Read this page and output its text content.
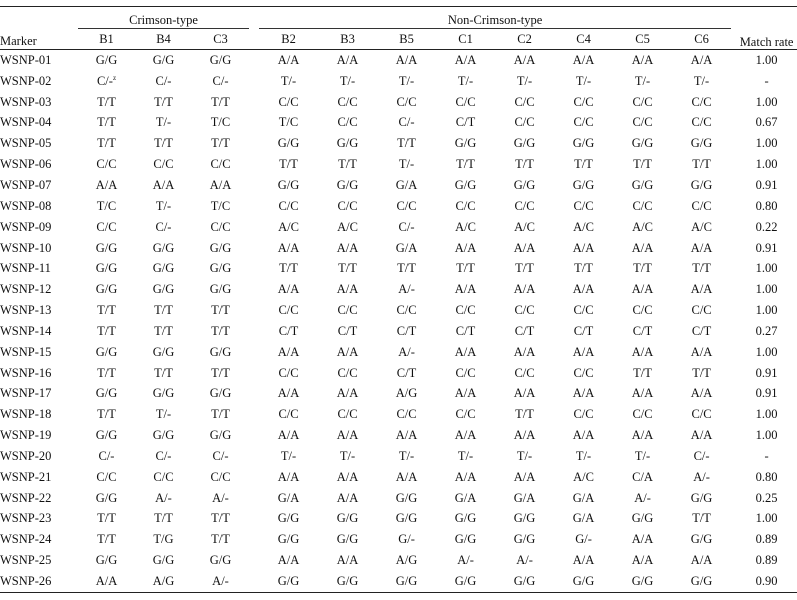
Marker	Crimson-type				Non-Crimson-type								Match rate
	B1	B4	C3		B2	B3	B5	C1	C2	C4	C5	C6	
WSNP-01	G/G	G/G	G/G		A/A	A/A	A/A	A/A	A/A	A/A	A/A	A/A	1.00
WSNP-02	C/-$^z$	C/-	C/-		T/-	T/-	T/-	T/-	T/-	T/-	T/-	T/-	-
WSNP-03	T/T	T/T	T/T		C/C	C/C	C/C	C/C	C/C	C/C	C/C	C/C	1.00
WSNP-04	T/T	T/-	T/C		T/C	C/C	C/-	C/T	C/C	C/C	C/C	C/C	0.67
WSNP-05	T/T	T/T	T/T		G/G	G/G	T/T	G/G	G/G	G/G	G/G	G/G	1.00
WSNP-06	C/C	C/C	C/C		T/T	T/T	T/-	T/T	T/T	T/T	T/T	T/T	1.00
WSNP-07	A/A	A/A	A/A		G/G	G/G	G/A	G/G	G/G	G/G	G/G	G/G	0.91
WSNP-08	T/C	T/-	T/C		C/C	C/C	C/C	C/C	C/C	C/C	C/C	C/C	0.80
WSNP-09	C/C	C/-	C/C		A/C	A/C	C/-	A/C	A/C	A/C	A/C	A/C	0.22
WSNP-10	G/G	G/G	G/G		A/A	A/A	G/A	A/A	A/A	A/A	A/A	A/A	0.91
WSNP-11	G/G	G/G	G/G		T/T	T/T	T/T	T/T	T/T	T/T	T/T	T/T	1.00
WSNP-12	G/G	G/G	G/G		A/A	A/A	A/-	A/A	A/A	A/A	A/A	A/A	1.00
WSNP-13	T/T	T/T	T/T		C/C	C/C	C/C	C/C	C/C	C/C	C/C	C/C	1.00
WSNP-14	T/T	T/T	T/T		C/T	C/T	C/T	C/T	C/T	C/T	C/T	C/T	0.27
WSNP-15	G/G	G/G	G/G		A/A	A/A	A/-	A/A	A/A	A/A	A/A	A/A	1.00
WSNP-16	T/T	T/T	T/T		C/C	C/C	C/T	C/C	C/C	C/C	T/T	T/T	0.91
WSNP-17	G/G	G/G	G/G		A/A	A/A	A/G	A/A	A/A	A/A	A/A	A/A	0.91
WSNP-18	T/T	T/-	T/T		C/C	C/C	C/C	C/C	T/T	C/C	C/C	C/C	1.00
WSNP-19	G/G	G/G	G/G		A/A	A/A	A/A	A/A	A/A	A/A	A/A	A/A	1.00
WSNP-20	C/-	C/-	C/-		T/-	T/-	T/-	T/-	T/-	T/-	T/-	C/-	-
WSNP-21	C/C	C/C	C/C		A/A	A/A	A/A	A/A	A/A	A/C	C/A	A/-	0.80
WSNP-22	G/G	A/-	A/-		G/A	A/A	G/G	G/A	G/A	G/A	A/-	G/G	0.25
WSNP-23	T/T	T/T	T/T		G/G	G/G	G/G	G/G	G/G	G/A	G/G	T/T	1.00
WSNP-24	T/T	T/G	T/T		G/G	G/G	G/-	G/G	G/G	G/-	A/A	G/G	0.89
WSNP-25	G/G	G/G	G/G		A/A	A/A	A/G	A/-	A/-	A/A	A/A	A/A	0.89
WSNP-26	A/A	A/G	A/-		G/G	G/G	G/G	G/G	G/G	G/G	G/G	G/G	0.90
